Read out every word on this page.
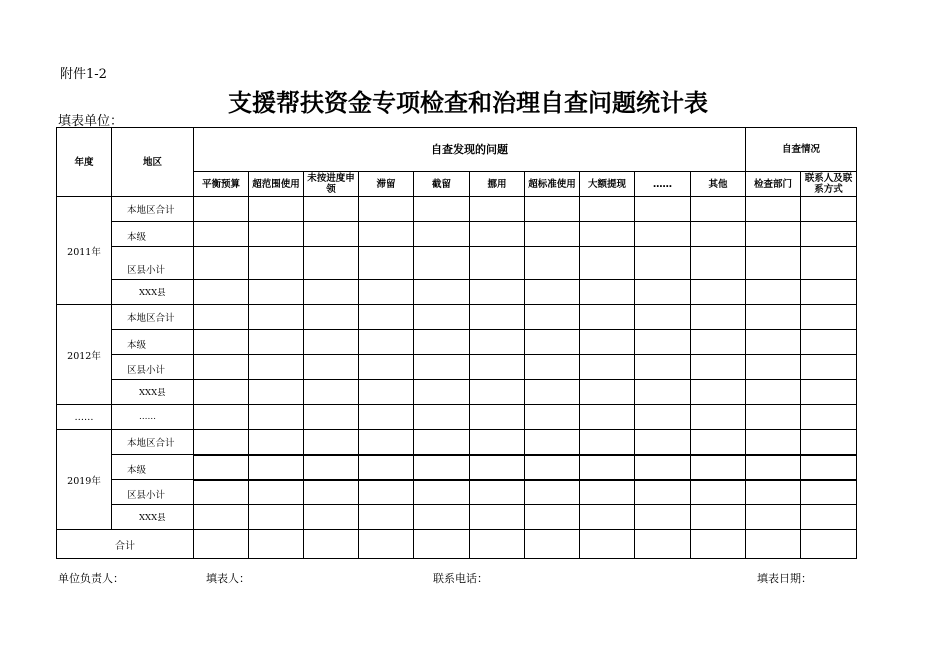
附件1-2
支援帮扶资金专项检查和治理自查问题统计表
填表单位：
年度	地区	自查发现的问题										自查情况	
		平衡预算	超范围使用	未按进度申领	滞留	截留	挪用	超标准使用	大额提现	……	其他	检查部门	联系人及联系方式
2011年	本地区合计												
	本级												
	区县小计												
	XXX县												
2012年	本地区合计												
	本级												
	区县小计												
	XXX县												
……	……												
2019年	本地区合计												
	本级												
	区县小计												
	XXX县												
合计													
单位负责人：	填表人：	联系电话：	填表日期：
